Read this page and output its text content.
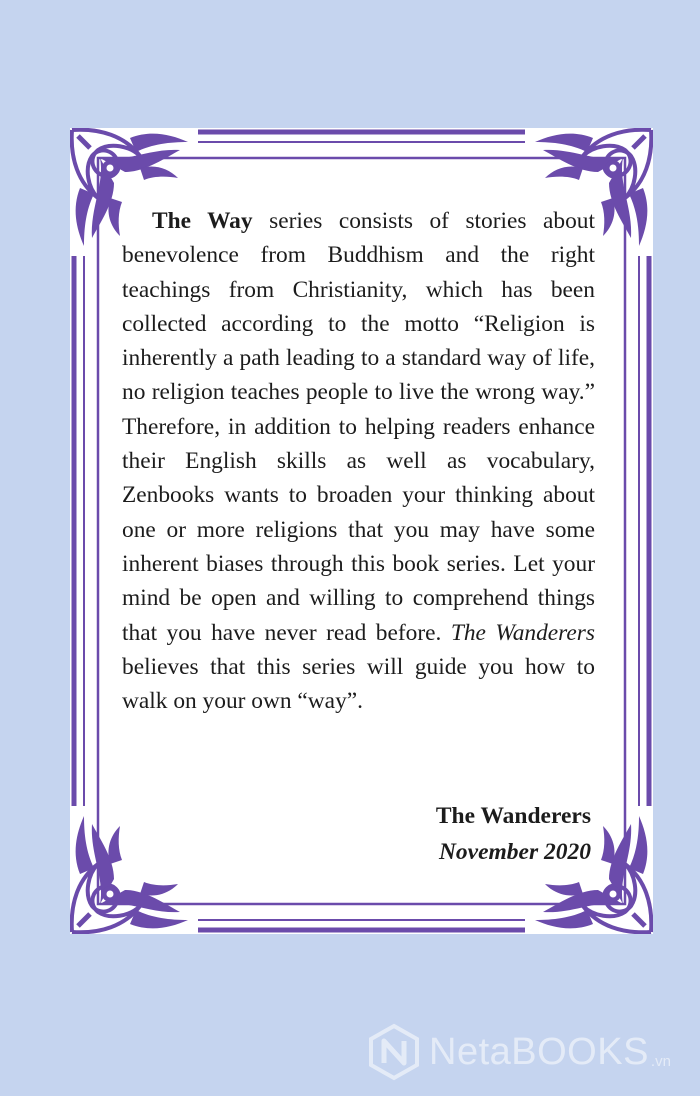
The Way series consists of stories about benevolence from Buddhism and the right teachings from Christianity, which has been collected according to the motto “Religion is inherently a path leading to a standard way of life, no religion teaches people to live the wrong way.” Therefore, in addition to helping readers enhance their English skills as well as vocabulary, Zenbooks wants to broaden your thinking about one or more religions that you may have some inherent biases through this book series. Let your mind be open and willing to comprehend things that you have never read before. The Wanderers believes that this series will guide you how to walk on your own “way”.
The Wanderers
November 2020
NetaBOOKS .vn
